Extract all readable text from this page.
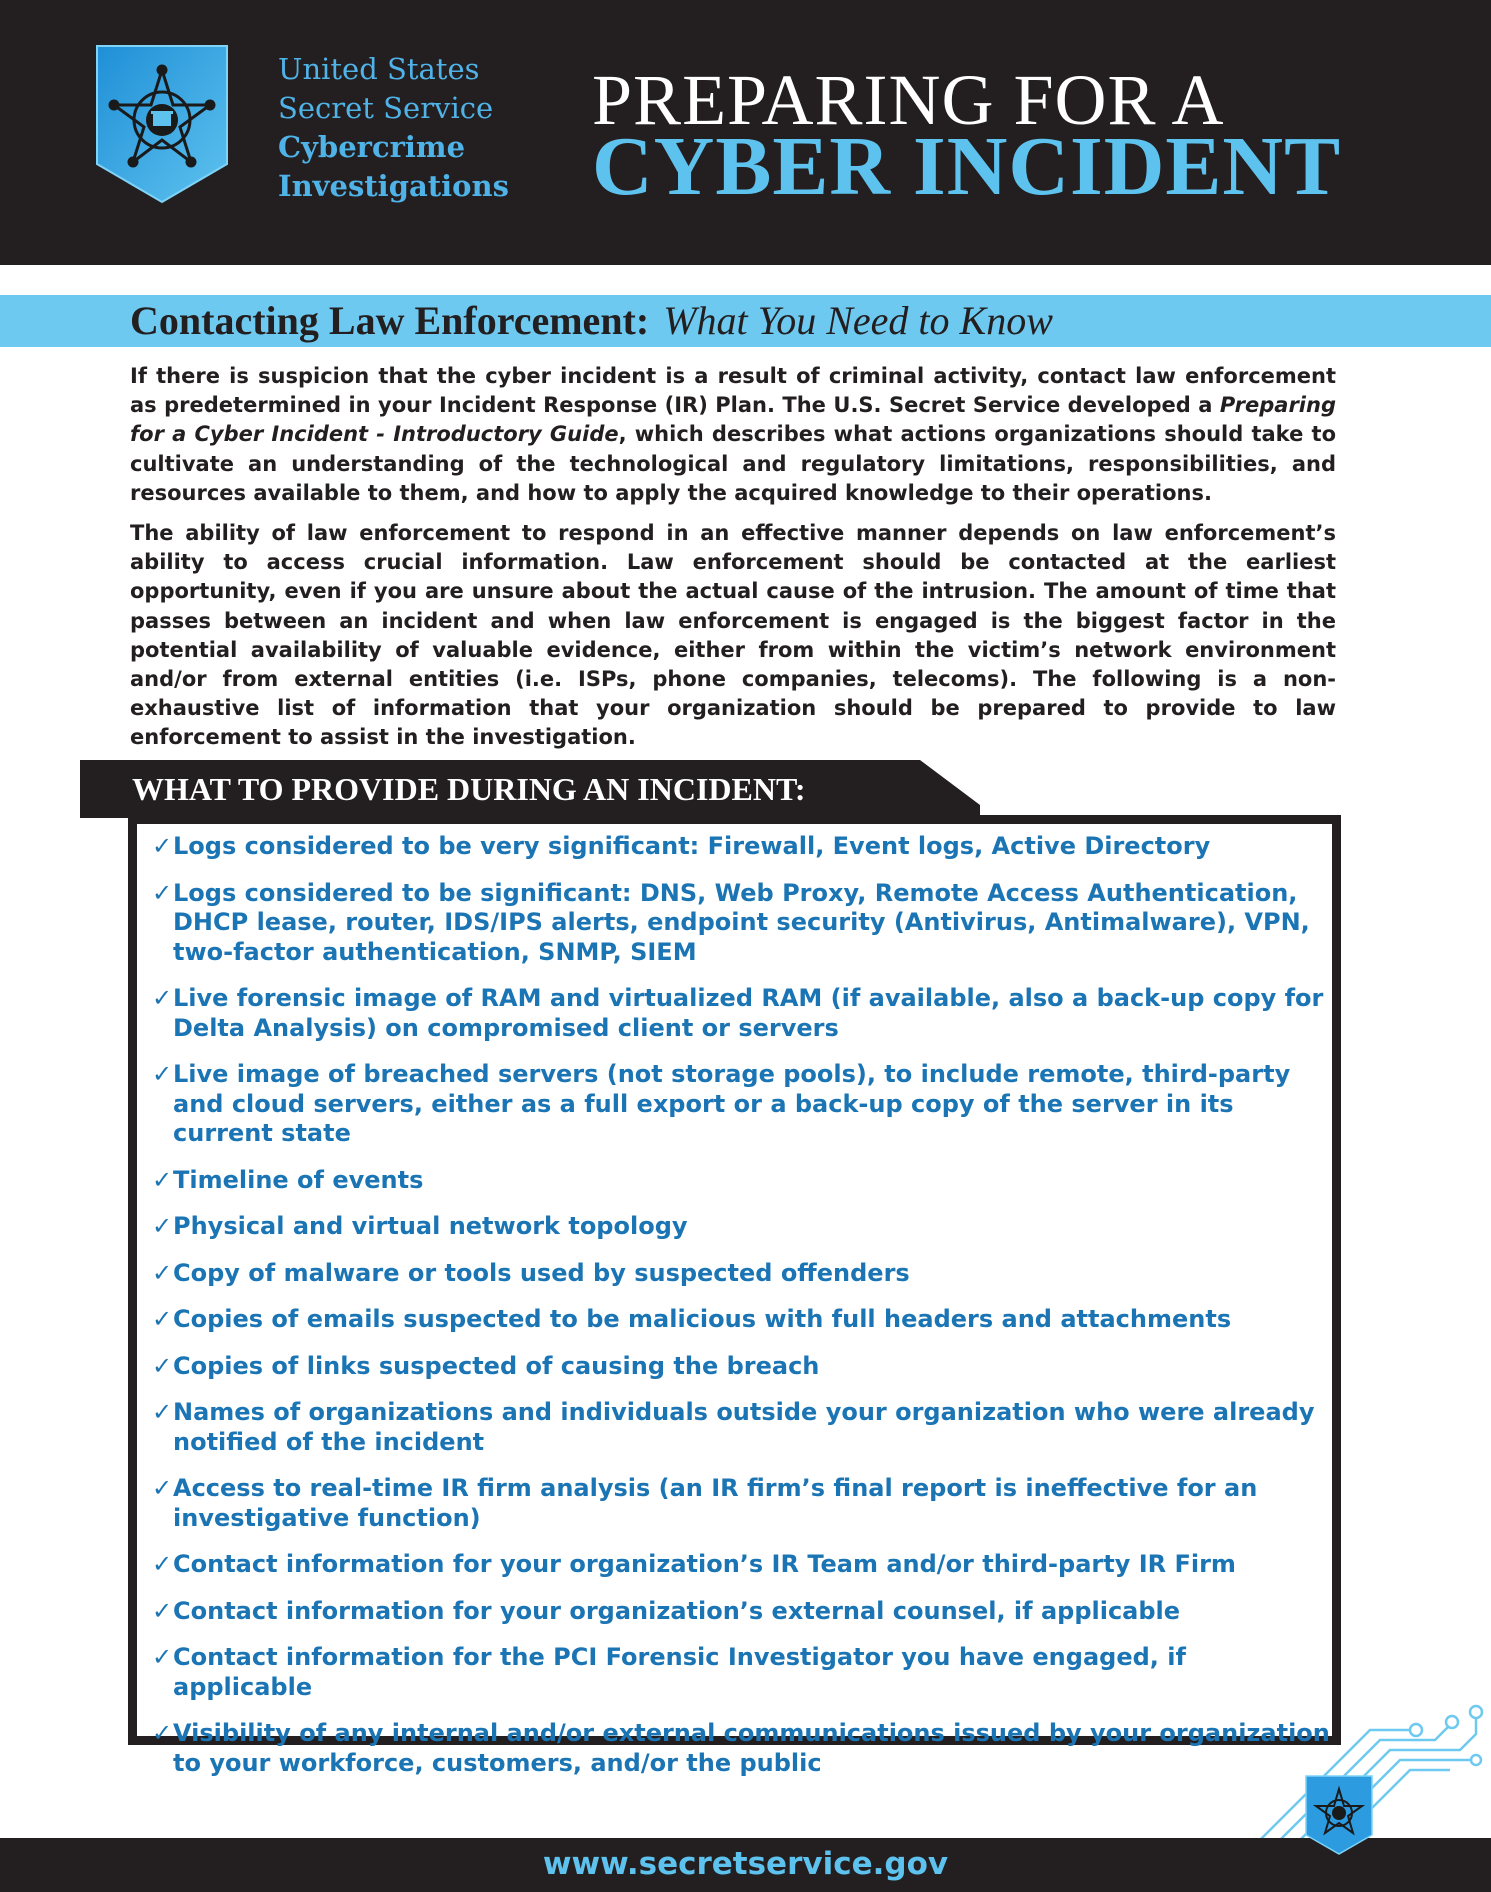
United States
Secret Service
Cybercrime
Investigations
PREPARING FOR A
CYBER INCIDENT
Contacting Law Enforcement: What You Need to Know

If there is suspicion that the cyber incident is a result of criminal activity, contact law enforcement as predetermined in your Incident Response (IR) Plan. The U.S. Secret Service developed a Preparing for a Cyber Incident - Introductory Guide, which describes what actions organizations should take to cultivate an understanding of the technological and regulatory limitations, responsibilities, and resources available to them, and how to apply the acquired knowledge to their operations.

The ability of law enforcement to respond in an effective manner depends on law enforcement’s ability to access crucial information. Law enforcement should be contacted at the earliest opportunity, even if you are unsure about the actual cause of the intrusion. The amount of time that passes between an incident and when law enforcement is engaged is the biggest factor in the potential availability of valuable evidence, either from within the victim’s network environment and/or from external entities (i.e. ISPs, phone companies, telecoms). The following is a non-exhaustive list of information that your organization should be prepared to provide to law enforcement to assist in the investigation.

WHAT TO PROVIDE DURING AN INCIDENT:
✓ Logs considered to be very significant: Firewall, Event logs, Active Directory
✓ Logs considered to be significant: DNS, Web Proxy, Remote Access Authentication, DHCP lease, router, IDS/IPS alerts, endpoint security (Antivirus, Antimalware), VPN, two-factor authentication, SNMP, SIEM
✓ Live forensic image of RAM and virtualized RAM (if available, also a back-up copy for Delta Analysis) on compromised client or servers
✓ Live image of breached servers (not storage pools), to include remote, third-party and cloud servers, either as a full export or a back-up copy of the server in its current state
✓ Timeline of events
✓ Physical and virtual network topology
✓ Copy of malware or tools used by suspected offenders
✓ Copies of emails suspected to be malicious with full headers and attachments
✓ Copies of links suspected of causing the breach
✓ Names of organizations and individuals outside your organization who were already notified of the incident
✓ Access to real-time IR firm analysis (an IR firm’s final report is ineffective for an investigative function)
✓ Contact information for your organization’s IR Team and/or third-party IR Firm
✓ Contact information for your organization’s external counsel, if applicable
✓ Contact information for the PCI Forensic Investigator you have engaged, if applicable
✓ Visibility of any internal and/or external communications issued by your organization to your workforce, customers, and/or the public
www.secretservice.gov
